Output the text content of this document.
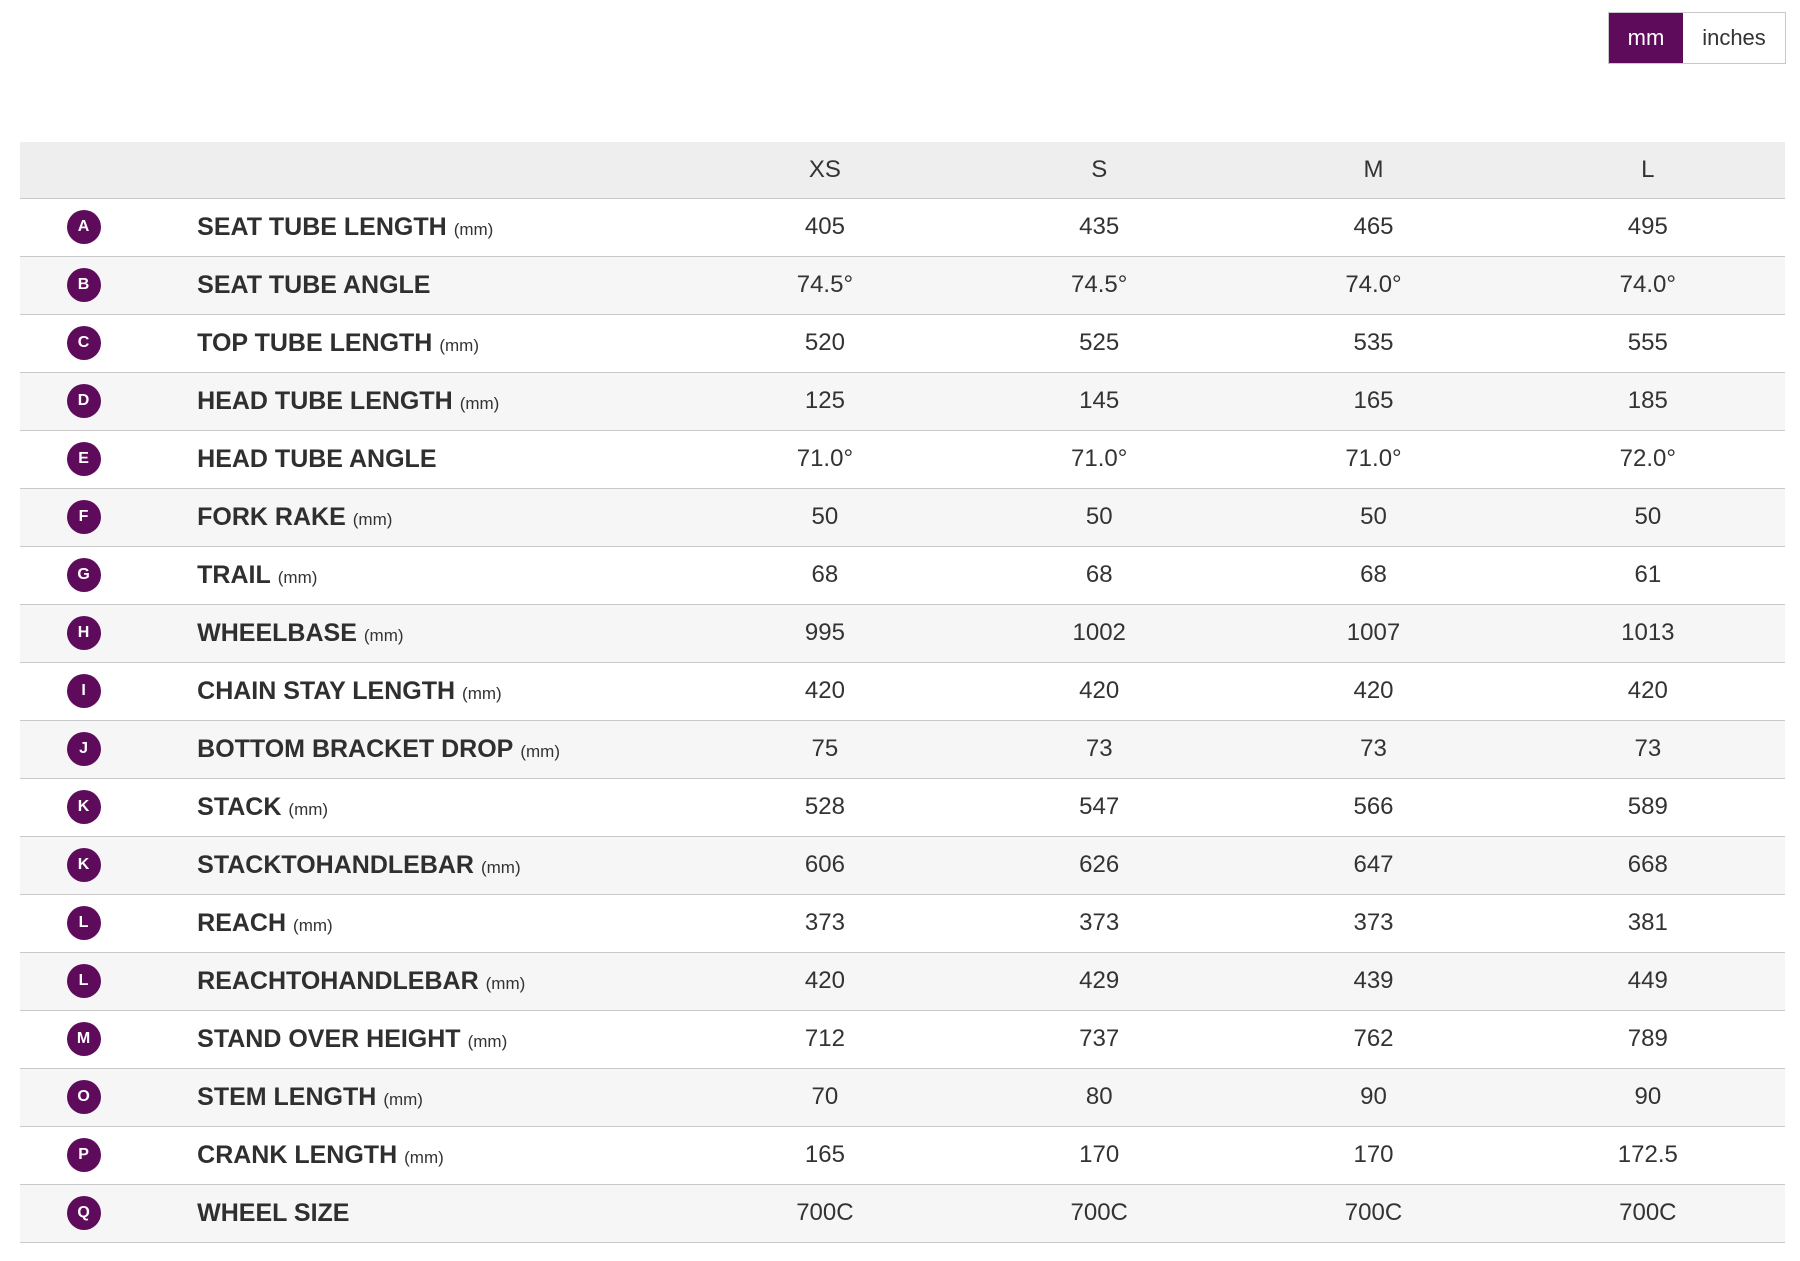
mm	inches
		XS	S	M	L
A	SEAT TUBE LENGTH (mm)	405	435	465	495
B	SEAT TUBE ANGLE	74.5°	74.5°	74.0°	74.0°
C	TOP TUBE LENGTH (mm)	520	525	535	555
D	HEAD TUBE LENGTH (mm)	125	145	165	185
E	HEAD TUBE ANGLE	71.0°	71.0°	71.0°	72.0°
F	FORK RAKE (mm)	50	50	50	50
G	TRAIL (mm)	68	68	68	61
H	WHEELBASE (mm)	995	1002	1007	1013
I	CHAIN STAY LENGTH (mm)	420	420	420	420
J	BOTTOM BRACKET DROP (mm)	75	73	73	73
K	STACK (mm)	528	547	566	589
K	STACKTOHANDLEBAR (mm)	606	626	647	668
L	REACH (mm)	373	373	373	381
L	REACHTOHANDLEBAR (mm)	420	429	439	449
M	STAND OVER HEIGHT (mm)	712	737	762	789
O	STEM LENGTH (mm)	70	80	90	90
P	CRANK LENGTH (mm)	165	170	170	172.5
Q	WHEEL SIZE	700C	700C	700C	700C
